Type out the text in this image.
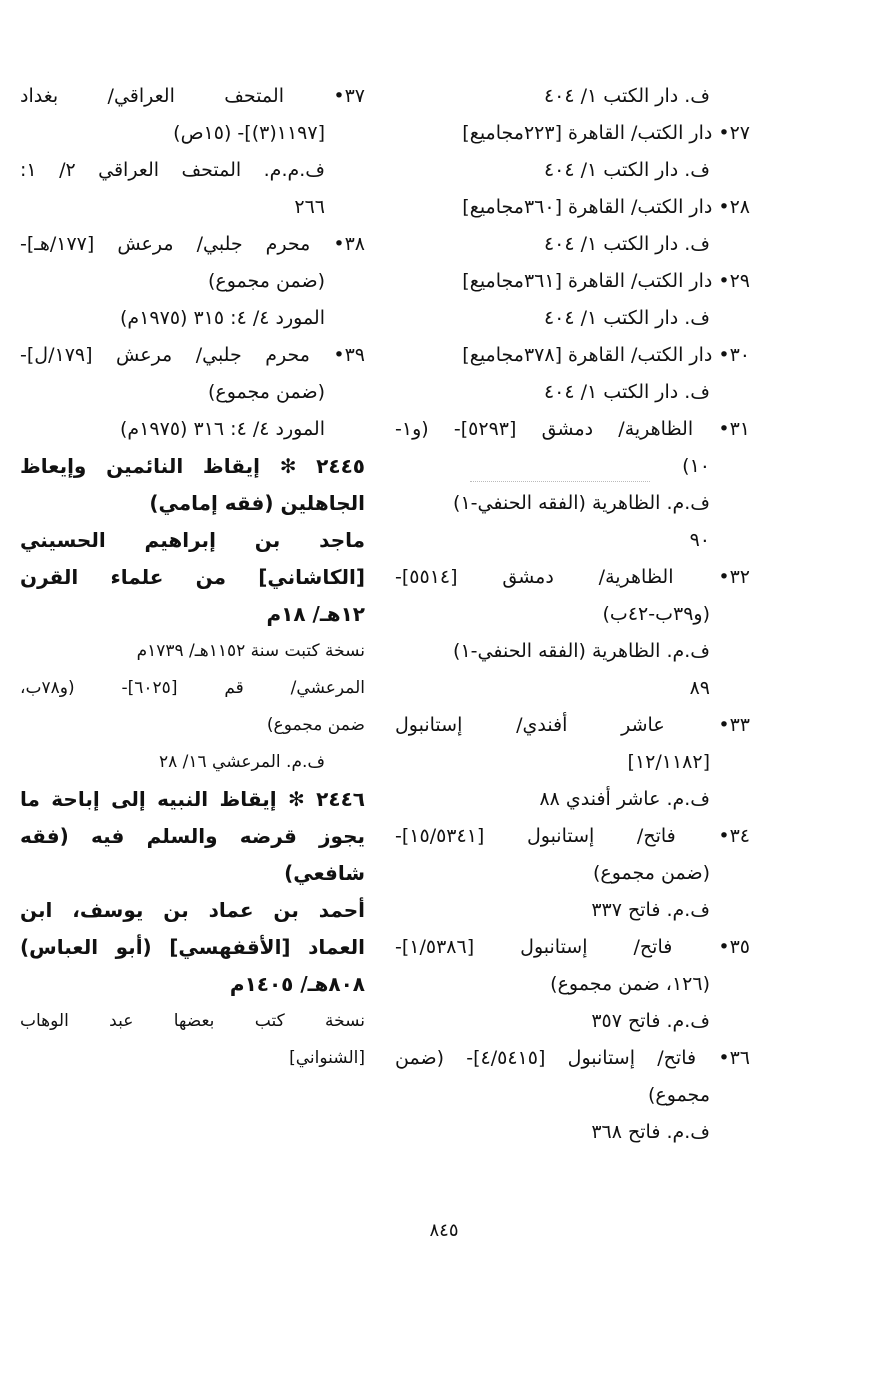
ف. دار الكتب ١/ ٤٠٤
٢٧• دار الكتب/ القاهرة [٢٢٣مجاميع]
ف. دار الكتب ١/ ٤٠٤
٢٨• دار الكتب/ القاهرة [٣٦٠مجاميع]
ف. دار الكتب ١/ ٤٠٤
٢٩• دار الكتب/ القاهرة [٣٦١مجاميع]
ف. دار الكتب ١/ ٤٠٤
٣٠• دار الكتب/ القاهرة [٣٧٨مجاميع]
ف. دار الكتب ١/ ٤٠٤
٣١• الظاهرية/ دمشق [٥٢٩٣]- (و١-
١٠)
ف.م. الظاهرية (الفقه الحنفي-١)
٩٠
٣٢• الظاهرية/ دمشق [٥٥١٤]-
(و٣٩ب-٤٢ب)
ف.م. الظاهرية (الفقه الحنفي-١)
٨٩
٣٣• عاشر أفندي/ إستانبول
[١٢/١١٨٢]
ف.م. عاشر أفندي ٨٨
٣٤• فاتح/ إستانبول [١٥/٥٣٤١]-
(ضمن مجموع)
ف.م. فاتح ٣٣٧
٣٥• فاتح/ إستانبول [١/٥٣٨٦]-
(١٢٦، ضمن مجموع)
ف.م. فاتح ٣٥٧
٣٦• فاتح/ إستانبول [٤/٥٤١٥]- (ضمن
مجموع)
ف.م. فاتح ٣٦٨
٣٧• المتحف العراقي/ بغداد
[١١٩٧(٣)]- (١٥ص)
ف.م.م. المتحف العراقي ٢/ ١:
٢٦٦
٣٨• محرم جلبي/ مرعش [١٧٧/هـ]-
(ضمن مجموع)
المورد ٤/ ٤: ٣١٥ (١٩٧٥م)
٣٩• محرم جلبي/ مرعش [١٧٩/ل]-
(ضمن مجموع)
المورد ٤/ ٤: ٣١٦ (١٩٧٥م)
٢٤٤٥ ✻ إيقاظ النائمين وإيعاظ
الجاهلين (فقه إمامي)
ماجد بن إبراهيم الحسيني
[الكاشاني] من علماء القرن
١٢هـ/ ١٨م
نسخة كتبت سنة ١١٥٢هـ/ ١٧٣٩م
المرعشي/ قم [٦٠٢٥]- (و٧٨ب،
ضمن مجموع)
ف.م. المرعشي ١٦/ ٢٨
٢٤٤٦ ✻ إيقاظ النبيه إلى إباحة ما
يجوز قرضه والسلم فيه (فقه
شافعي)
أحمد بن عماد بن يوسف، ابن
العماد [الأقفهسي] (أبو العباس)
٨٠٨هـ/ ١٤٠٥م
نسخة كتب بعضها عبد الوهاب
[الشنواني]
٨٤٥
